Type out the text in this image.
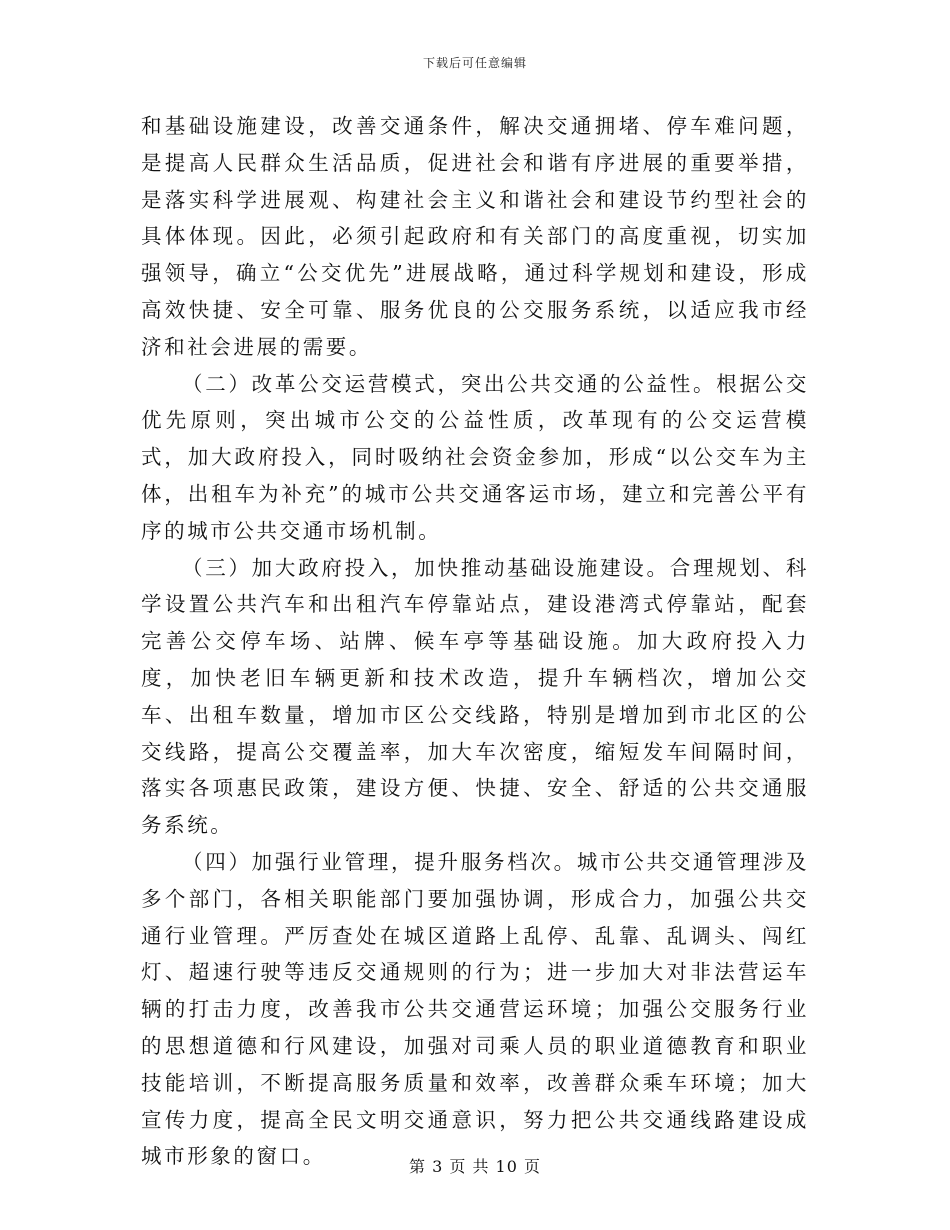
下载后可任意编辑

和基础设施建设，改善交通条件，解决交通拥堵、停车难问题，是提高人民群众生活品质，促进社会和谐有序进展的重要举措，是落实科学进展观、构建社会主义和谐社会和建设节约型社会的具体体现。因此，必须引起政府和有关部门的高度重视，切实加强领导，确立“公交优先”进展战略，通过科学规划和建设，形成高效快捷、安全可靠、服务优良的公交服务系统，以适应我市经济和社会进展的需要。

（二）改革公交运营模式，突出公共交通的公益性。根据公交优先原则，突出城市公交的公益性质，改革现有的公交运营模式，加大政府投入，同时吸纳社会资金参加，形成“以公交车为主体，出租车为补充”的城市公共交通客运市场，建立和完善公平有序的城市公共交通市场机制。

（三）加大政府投入，加快推动基础设施建设。合理规划、科学设置公共汽车和出租汽车停靠站点，建设港湾式停靠站，配套完善公交停车场、站牌、候车亭等基础设施。加大政府投入力度，加快老旧车辆更新和技术改造，提升车辆档次，增加公交车、出租车数量，增加市区公交线路，特别是增加到市北区的公交线路，提高公交覆盖率，加大车次密度，缩短发车间隔时间，落实各项惠民政策，建设方便、快捷、安全、舒适的公共交通服务系统。

（四）加强行业管理，提升服务档次。城市公共交通管理涉及多个部门，各相关职能部门要加强协调，形成合力，加强公共交通行业管理。严厉查处在城区道路上乱停、乱靠、乱调头、闯红灯、超速行驶等违反交通规则的行为；进一步加大对非法营运车辆的打击力度，改善我市公共交通营运环境；加强公交服务行业的思想道德和行风建设，加强对司乘人员的职业道德教育和职业技能培训，不断提高服务质量和效率，改善群众乘车环境；加大宣传力度，提高全民文明交通意识，努力把公共交通线路建设成城市形象的窗口。	第 3 页 共 10 页
